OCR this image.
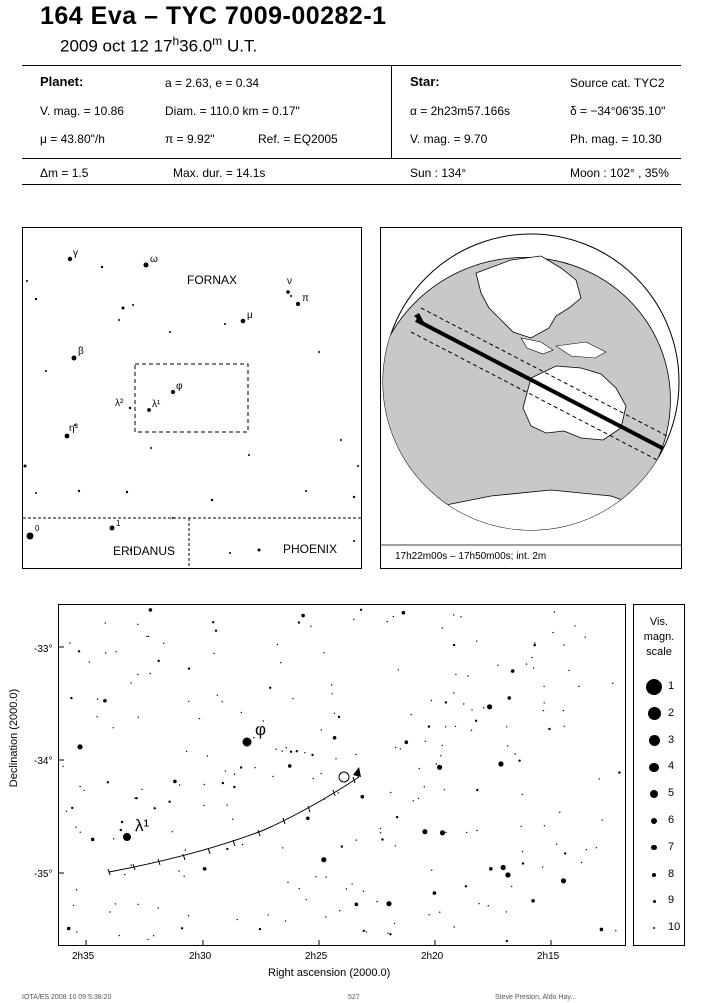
164 Eva – TYC 7009-00282-1
2009 oct 12 17$^h$36.0$^m$ U.T.
Planet:	a = 2.63, e = 0.34
V. mag. = 10.86	Diam. = 110.0 km = 0.17"
μ = 43.80"/h	π = 9.92"	Ref. = EQ2005
Star:	Source cat. TYC2
α = 2h23m57.166s	δ = −34°06'35.10"
V. mag. = 9.70	Ph. mag. = 10.30
Δm = 1.5	Max. dur. = 14.1s	Sun : 134°	Moon : 102° , 35%
FORNAX
ERIDANUS	PHOENIX
γ
ω
ν
π
μ
β
φ
λ²	λ¹
η³
0
1
17h22m00s – 17h50m00s; int. 2m
Declination (2000.0)
-33°
-34°
-35°
φ
λ¹
2h35	2h30	2h25	2h20	2h15
Right ascension (2000.0)
Vis.
magn.
scale
1
2
3
4
5
6
7
8
9
10
IOTA/ES 2008 10 09 5:38:20	527	Steve Preston, Aldo Hay...
